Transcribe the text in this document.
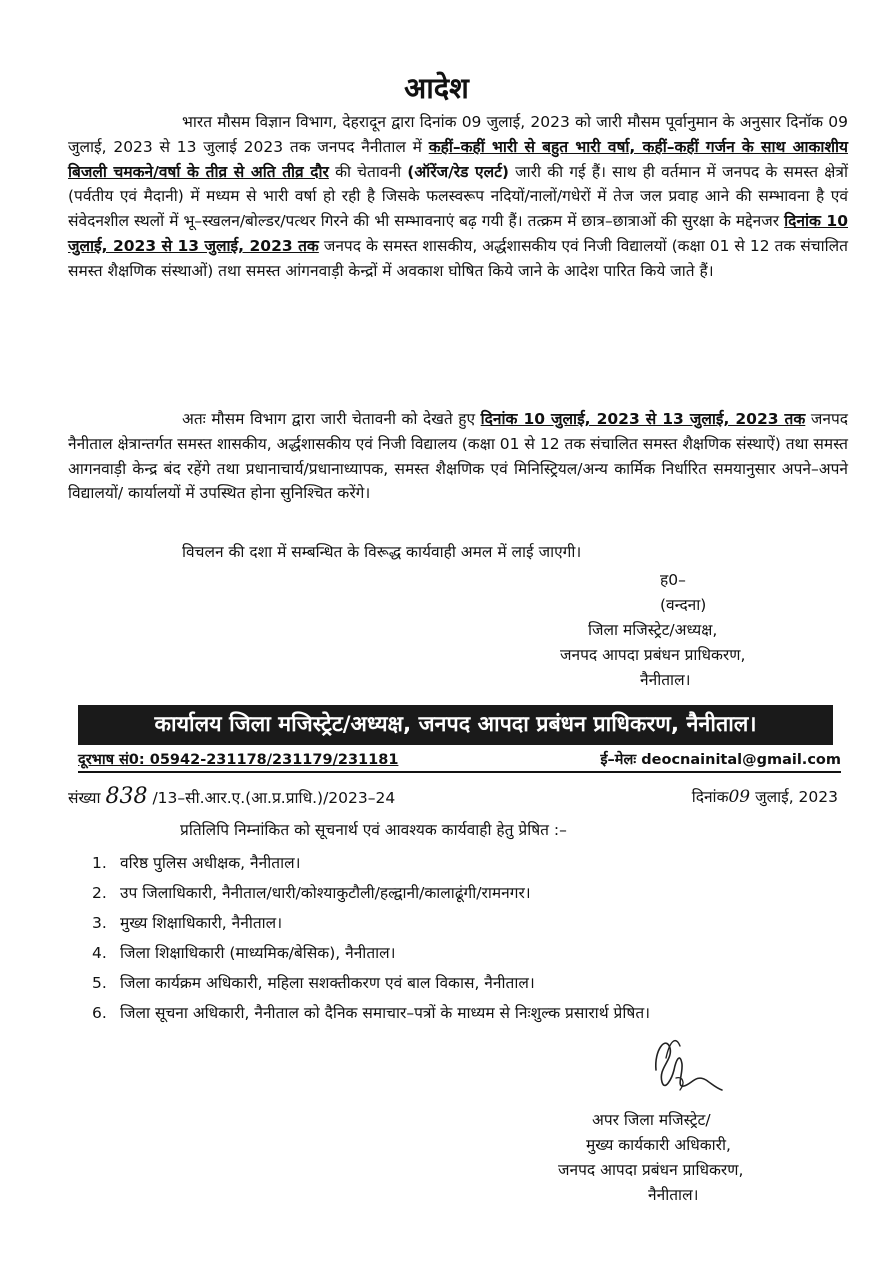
आदेश

भारत मौसम विज्ञान विभाग, देहरादून द्वारा दिनांक 09 जुलाई, 2023 को जारी मौसम पूर्वानुमान के अनुसार दिनॉक 09 जुलाई, 2023 से 13 जुलाई 2023 तक जनपद नैनीताल में कहीं–कहीं भारी से बहुत भारी वर्षा, कहीं–कहीं गर्जन के साथ आकाशीय बिजली चमकने/वर्षा के तीव्र से अति तीव्र दौर की चेतावनी (ऑरेंज/रेड एलर्ट) जारी की गई हैं। साथ ही वर्तमान में जनपद के समस्त क्षेत्रों (पर्वतीय एवं मैदानी) में मध्यम से भारी वर्षा हो रही है जिसके फलस्वरूप नदियों/नालों/गधेरों में तेज जल प्रवाह आने की सम्भावना है एवं संवेदनशील स्थलों में भू–स्खलन/बोल्डर/पत्थर गिरने की भी सम्भावनाएं बढ़ गयी हैं। तत्क्रम में छात्र–छात्राओं की सुरक्षा के मद्देनजर दिनांक 10 जुलाई, 2023 से 13 जुलाई, 2023 तक जनपद के समस्त शासकीय, अर्द्धशासकीय एवं निजी विद्यालयों (कक्षा 01 से 12 तक संचालित समस्त शैक्षणिक संस्थाओं) तथा समस्त आंगनवाड़ी केन्द्रों में अवकाश घोषित किये जाने के आदेश पारित किये जाते हैं।

अतः मौसम विभाग द्वारा जारी चेतावनी को देखते हुए दिनांक 10 जुलाई, 2023 से 13 जुलाई, 2023 तक जनपद नैनीताल क्षेत्रान्तर्गत समस्त शासकीय, अर्द्धशासकीय एवं निजी विद्यालय (कक्षा 01 से 12 तक संचालित समस्त शैक्षणिक संस्थाऐं) तथा समस्त आगनवाड़ी केन्द्र बंद रहेंगे तथा प्रधानाचार्य/प्रधानाध्यापक, समस्त शैक्षणिक एवं मिनिस्ट्रियल/अन्य कार्मिक निर्धारित समयानुसार अपने–अपने विद्यालयों/ कार्यालयों में उपस्थित होना सुनिश्चित करेंगे।

विचलन की दशा में सम्बन्धित के विरूद्ध कार्यवाही अमल में लाई जाएगी।

ह0–
(वन्दना)
जिला मजिस्ट्रेट/अध्यक्ष,
जनपद आपदा प्रबंधन प्राधिकरण,
नैनीताल।
कार्यालय जिला मजिस्ट्रेट/अध्यक्ष, जनपद आपदा प्रबंधन प्राधिकरण, नैनीताल।
दूरभाष सं0: 05942-231178/231179/231181	ई–मेलः deocnainital@gmail.com
संख्या 838 /13–सी.आर.ए.(आ.प्र.प्राधि.)/2023–24	दिनांक09 जुलाई, 2023
प्रतिलिपि निम्नांकित को सूचनार्थ एवं आवश्यक कार्यवाही हेतु प्रेषित :–
1. वरिष्ठ पुलिस अधीक्षक, नैनीताल।
2. उप जिलाधिकारी, नैनीताल/धारी/कोश्याकुटौली/हल्द्वानी/कालाढूंगी/रामनगर।
3. मुख्य शिक्षाधिकारी, नैनीताल।
4. जिला शिक्षाधिकारी (माध्यमिक/बेसिक), नैनीताल।
5. जिला कार्यक्रम अधिकारी, महिला सशक्तीकरण एवं बाल विकास, नैनीताल।
6. जिला सूचना अधिकारी, नैनीताल को दैनिक समाचार–पत्रों के माध्यम से निःशुल्क प्रसारार्थ प्रेषित।
अपर जिला मजिस्ट्रेट/
मुख्य कार्यकारी अधिकारी,
जनपद आपदा प्रबंधन प्राधिकरण,
नैनीताल।
